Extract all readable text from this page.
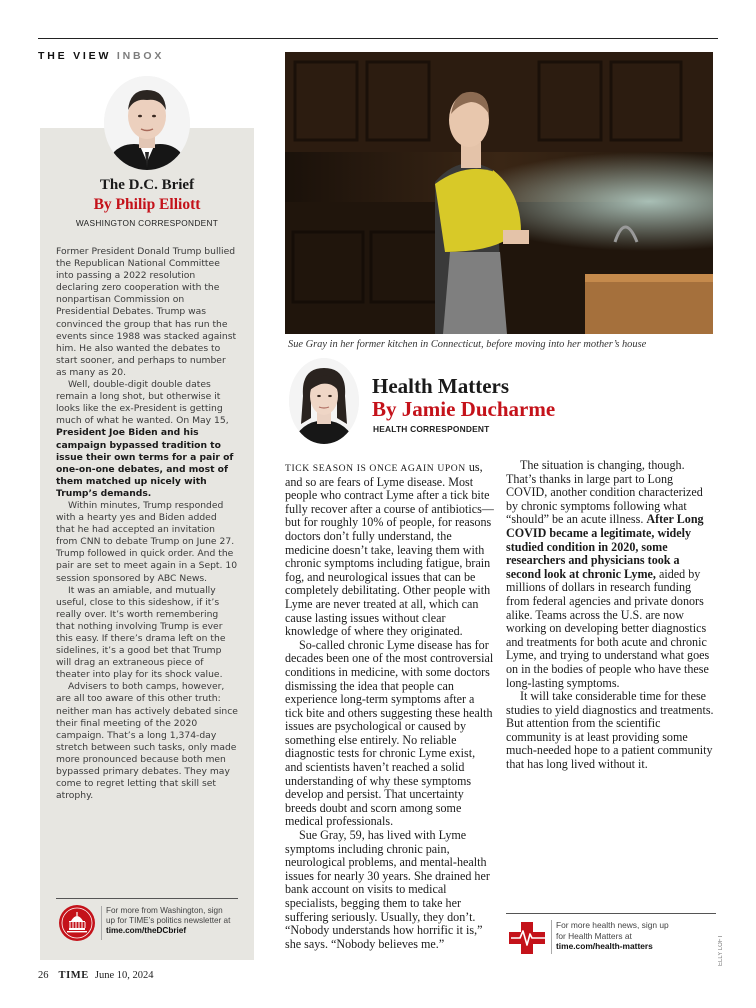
THE VIEW INBOX
The D.C. Brief
By Philip Elliott
WASHINGTON CORRESPONDENT

Former President Donald Trump bullied the Republican National Committee into passing a 2022 resolution declaring zero cooperation with the nonpartisan Commission on Presidential Debates. Trump was convinced the group that has run the events since 1988 was stacked against him. He also wanted the debates to start sooner, and perhaps to number as many as 20.

Well, double-digit double dates remain a long shot, but otherwise it looks like the ex-President is getting much of what he wanted. On May 15, President Joe Biden and his campaign bypassed tradition to issue their own terms for a pair of one-on-one debates, and most of them matched up nicely with Trump’s demands.

Within minutes, Trump responded with a hearty yes and Biden added that he had accepted an invitation from CNN to debate Trump on June 27. Trump followed in quick order. And the pair are set to meet again in a Sept. 10 session sponsored by ABC News.

It was an amiable, and mutually useful, close to this sideshow, if it’s really over. It’s worth remembering that nothing involving Trump is ever this easy. If there’s drama left on the sidelines, it’s a good bet that Trump will drag an extraneous piece of theater into play for its shock value.

Advisers to both camps, however, are all too aware of this other truth: neither man has actively debated since their final meeting of the 2020 campaign. That’s a long 1,374-day stretch between such tasks, only made more pronounced because both men bypassed primary debates. They may come to regret letting that skill set atrophy.

For more from Washington, sign
up for TIME’s politics newsletter at
time.com/theDCbrief
Sue Gray in her former kitchen in Connecticut, before moving into her mother’s house
Health Matters
By Jamie Ducharme
HEALTH CORRESPONDENT

TICK SEASON IS ONCE AGAIN UPON us, and so are fears of Lyme disease. Most people who contract Lyme after a tick bite fully recover after a course of antibiotics—but for roughly 10% of people, for reasons doctors don’t fully understand, the medicine doesn’t take, leaving them with chronic symptoms including fatigue, brain fog, and neurological issues that can be completely debilitating. Other people with Lyme are never treated at all, which can cause lasting issues without clear knowledge of where they originated.

So-called chronic Lyme disease has for decades been one of the most controversial conditions in medicine, with some doctors dismissing the idea that people can experience long-term symptoms after a tick bite and others suggesting these health issues are psychological or caused by something else entirely. No reliable diagnostic tests for chronic Lyme exist, and scientists haven’t reached a solid understanding of why these symptoms develop and persist. That uncertainty breeds doubt and scorn among some medical professionals.

Sue Gray, 59, has lived with Lyme symptoms including chronic pain, neurological problems, and mental-health issues for nearly 30 years. She drained her bank account on visits to medical specialists, begging them to take her suffering seriously. Usually, they don’t. “Nobody understands how horrific it is,” she says. “Nobody believes me.”

The situation is changing, though. That’s thanks in large part to Long COVID, another condition characterized by chronic symptoms following what “should” be an acute illness. After Long COVID became a legitimate, widely studied condition in 2020, some researchers and physicians took a second look at chronic Lyme, aided by millions of dollars in research funding from federal agencies and private donors alike. Teams across the U.S. are now working on developing better diagnostics and treatments for both acute and chronic Lyme, and trying to understand what goes on in the bodies of people who have these long-lasting symptoms.

It will take considerable time for these studies to yield diagnostics and treatments. But attention from the scientific community is at least providing some much-needed hope to a patient community that has long lived without it.

For more health news, sign up
for Health Matters at
time.com/health-matters	ELLY LOFT
26 TIME June 10, 2024
